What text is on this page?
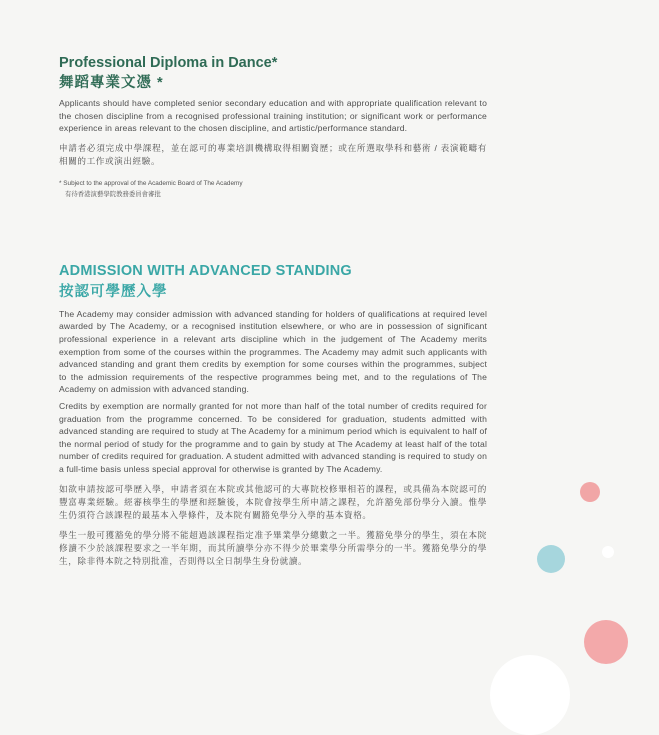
Professional Diploma in Dance*
舞蹈專業文憑 *

Applicants should have completed senior secondary education and with appropriate qualification relevant to the chosen discipline from a recognised professional training institution; or significant work or performance experience in areas relevant to the chosen discipline, and artistic/performance standard.

申請者必須完成中學課程，並在認可的專業培訓機構取得相關資歷；或在所選取學科和藝術 / 表演範疇有相關的工作或演出經驗。

* Subject to the approval of the Academic Board of The Academy
有待香港演藝學院教務委員會審批
ADMISSION WITH ADVANCED STANDING
按認可學歷入學

The Academy may consider admission with advanced standing for holders of qualifications at required level awarded by The Academy, or a recognised institution elsewhere, or who are in possession of significant professional experience in a relevant arts discipline which in the judgement of The Academy merits exemption from some of the courses within the programmes. The Academy may admit such applicants with advanced standing and grant them credits by exemption for some courses within the programmes, subject to the admission requirements of the respective programmes being met, and to the regulations of The Academy on admission with advanced standing.

Credits by exemption are normally granted for not more than half of the total number of credits required for graduation from the programme concerned. To be considered for graduation, students admitted with advanced standing are required to study at The Academy for a minimum period which is equivalent to half of the normal period of study for the programme and to gain by study at The Academy at least half of the total number of credits required for graduation. A student admitted with advanced standing is required to study on a full-time basis unless special approval for otherwise is granted by The Academy.

如欲申請按認可學歷入學，申請者須在本院或其他認可的大專院校修畢相若的課程，或具備為本院認可的豐富專業經驗。經審核學生的學歷和經驗後，本院會按學生所申請之課程，允許豁免部份學分入讀。惟學生仍須符合該課程的最基本入學條件，及本院有關豁免學分入學的基本資格。

學生一般可獲豁免的學分將不能超過該課程指定准予畢業學分總數之一半。獲豁免學分的學生，須在本院修讀不少於該課程要求之一半年期，而其所讀學分亦不得少於畢業學分所需學分的一半。獲豁免學分的學生，除非得本院之特別批准，否則得以全日制學生身份就讀。
